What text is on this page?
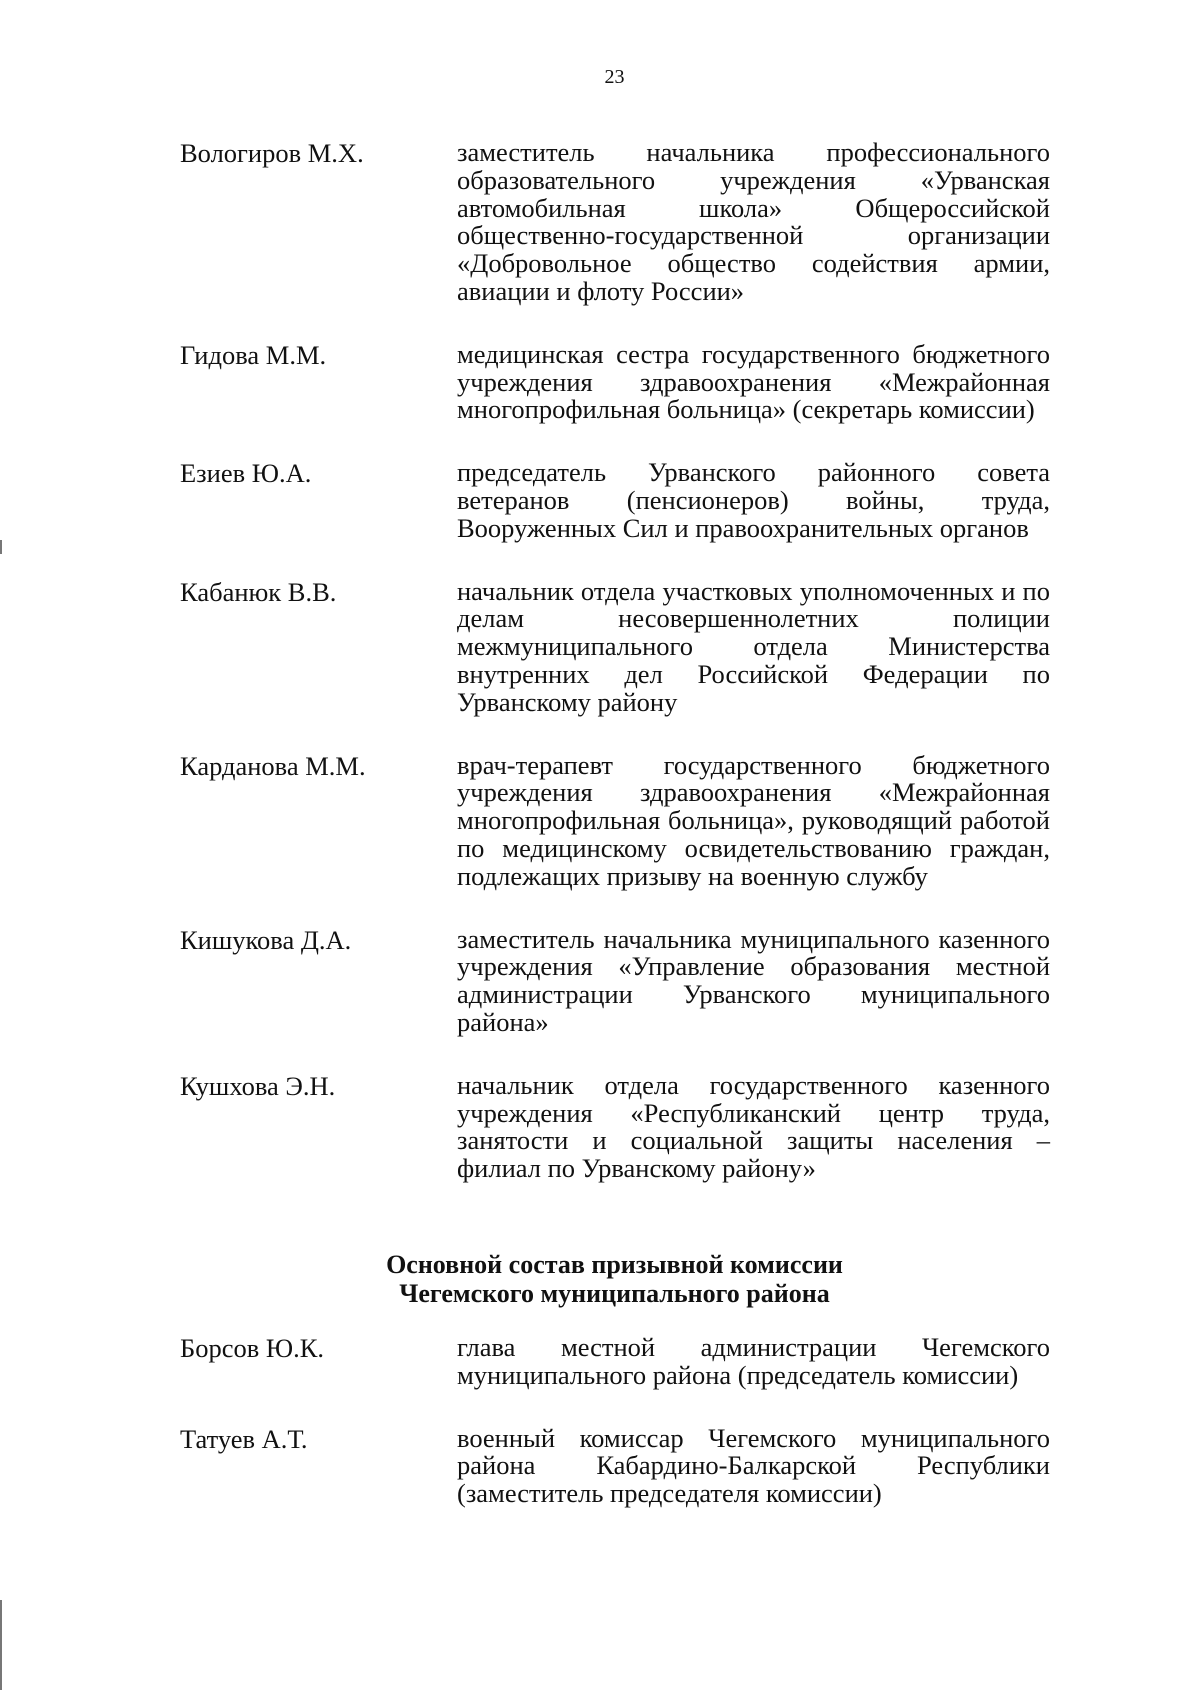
23
Вологиров М.Х.	заместитель начальника профессионального образовательного учреждения «Урванская автомобильная школа» Общероссийской общественно-государственной организации «Добровольное общество содействия армии, авиации и флоту России»
Гидова М.М.	медицинская сестра государственного бюджетного учреждения здравоохранения «Межрайонная многопрофильная больница» (секретарь комиссии)
Езиев Ю.А.	председатель Урванского районного совета ветеранов (пенсионеров) войны, труда, Вооруженных Сил и правоохранительных органов
Кабанюк В.В.	начальник отдела участковых уполномоченных и по делам несовершеннолетних полиции межмуниципального отдела Министерства внутренних дел Российской Федерации по Урванскому району
Карданова М.М.	врач-терапевт государственного бюджетного учреждения здравоохранения «Межрайонная многопрофильная больница», руководящий работой по медицинскому освидетельствованию граждан, подлежащих призыву на военную службу
Кишукова Д.А.	заместитель начальника муниципального казенного учреждения «Управление образования местной администрации Урванского муниципального района»
Кушхова Э.Н.	начальник отдела государственного казенного учреждения «Республиканский центр труда, занятости и социальной защиты населения – филиал по Урванскому району»
Основной состав призывной комиссии
Чегемского муниципального района
Борсов Ю.К.	глава местной администрации Чегемского муниципального района (председатель комиссии)
Татуев А.Т.	военный комиссар Чегемского муниципального района Кабардино-Балкарской Республики (заместитель председателя комиссии)
